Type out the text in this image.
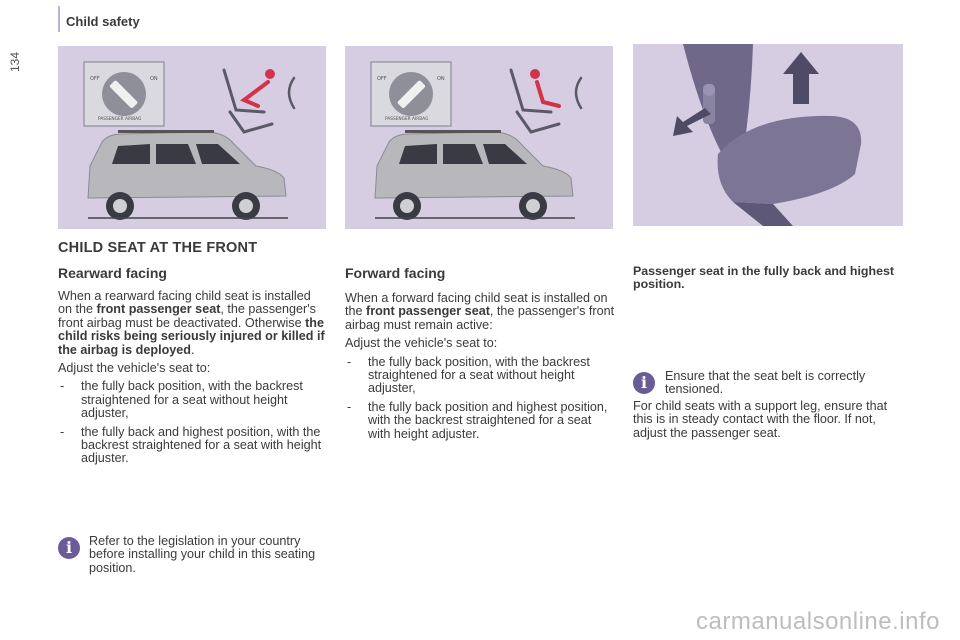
Child safety
134
OFF	ON
PASSENGER AIRBAG
OFF	ON
PASSENGER AIRBAG
CHILD SEAT AT THE FRONT
Rearward facing

When a rearward facing child seat is installed on the front passenger seat, the passenger's front airbag must be deactivated. Otherwise the child risks being seriously injured or killed if the airbag is deployed.

Adjust the vehicle's seat to:

- the fully back position, with the backrest straightened for a seat without height adjuster,
- the fully back and highest position, with the backrest straightened for a seat with height adjuster.
i	Refer to the legislation in your country before installing your child in this seating position.
Forward facing

When a forward facing child seat is installed on the front passenger seat, the passenger's front airbag must remain active:

Adjust the vehicle's seat to:

- the fully back position, with the backrest straightened for a seat without height adjuster,
- the fully back position and highest position, with the backrest straightened for a seat with height adjuster.
Passenger seat in the fully back and highest position.
i	Ensure that the seat belt is correctly tensioned.
For child seats with a support leg, ensure that this is in steady contact with the floor. If not, adjust the passenger seat.
carmanualsonline.info
